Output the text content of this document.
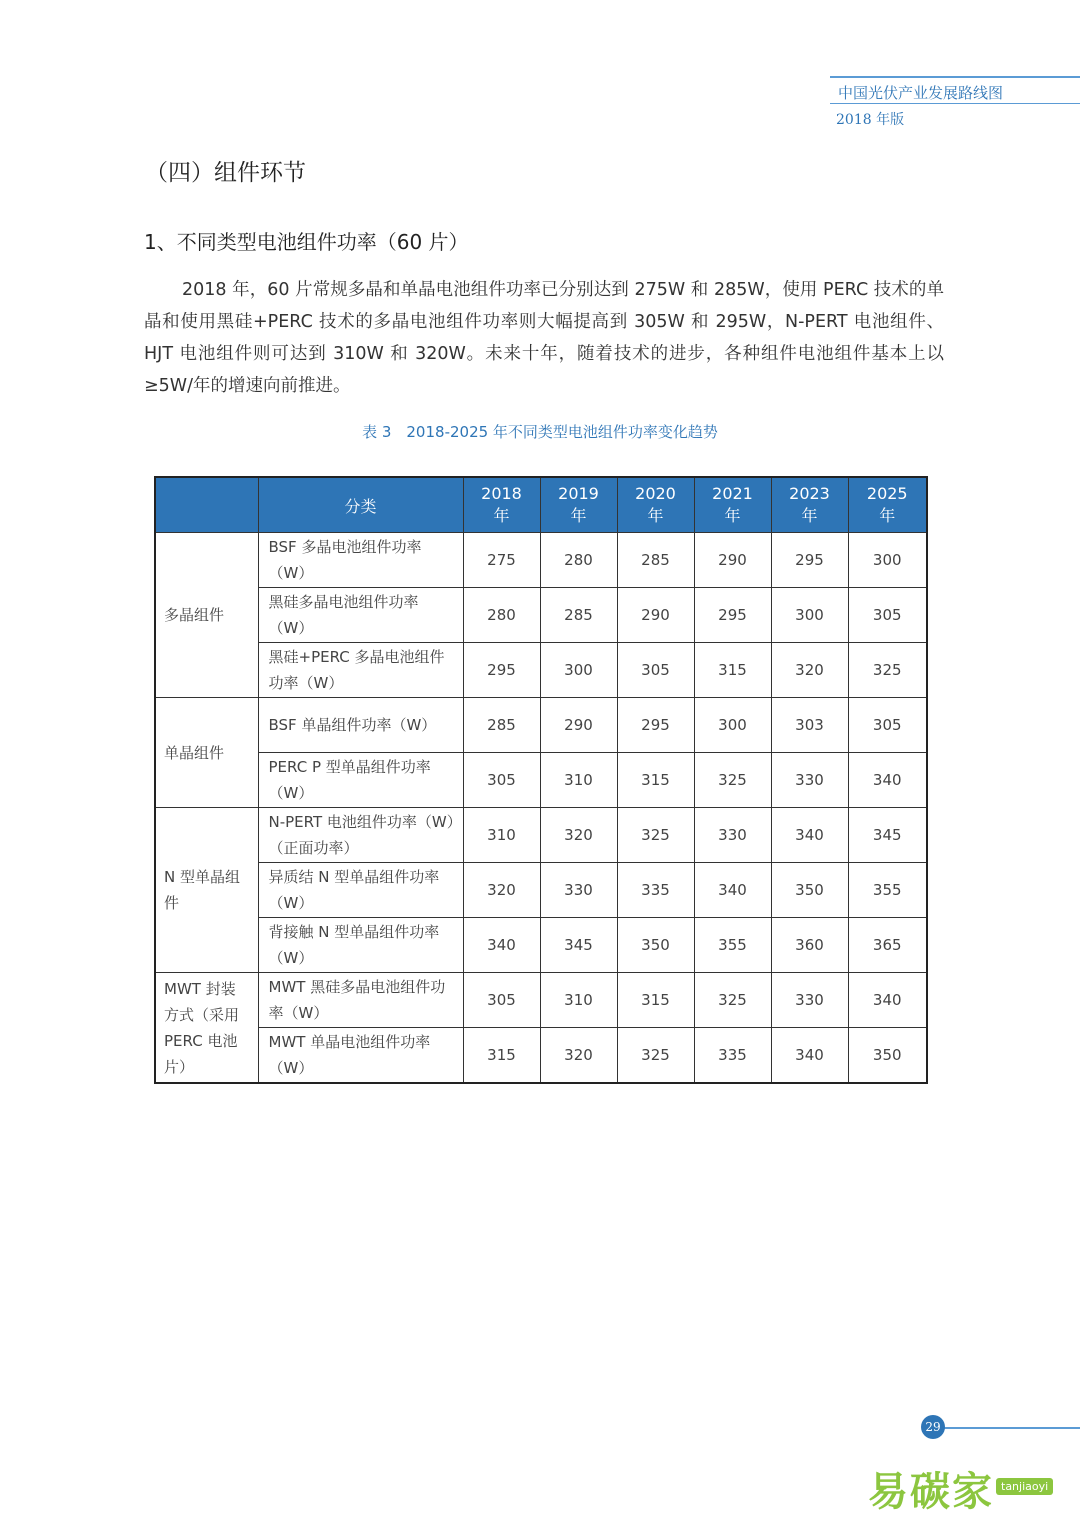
中国光伏产业发展路线图
2018 年版
（四）组件环节
1、不同类型电池组件功率（60 片）
2018 年，60 片常规多晶和单晶电池组件功率已分别达到 275W 和 285W，使用 PERC 技术的单晶和使用黑硅+PERC 技术的多晶电池组件功率则大幅提高到 305W 和 295W，N-PERT 电池组件、HJT 电池组件则可达到 310W 和 320W。未来十年，随着技术的进步，各种组件电池组件基本上以≥5W/年的增速向前推进。
表 3　2018-2025 年不同类型电池组件功率变化趋势
	分类	2018 年	2019 年	2020 年	2021 年	2023 年	2025 年
多晶组件	BSF 多晶电池组件功率（W）	275	280	285	290	295	300
	黑硅多晶电池组件功率（W）	280	285	290	295	300	305
	黑硅+PERC 多晶电池组件功率（W）	295	300	305	315	320	325
单晶组件	BSF 单晶组件功率（W）	285	290	295	300	303	305
	PERC P 型单晶组件功率（W）	305	310	315	325	330	340
N 型单晶组件	N-PERT 电池组件功率（W）（正面功率）	310	320	325	330	340	345
	异质结 N 型单晶组件功率（W）	320	330	335	340	350	355
	背接触 N 型单晶组件功率（W）	340	345	350	355	360	365
MWT 封装方式（采用 PERC 电池片）	MWT 黑硅多晶电池组件功率（W）	305	310	315	325	330	340
	MWT 单晶电池组件功率（W）	315	320	325	335	340	350
29
易碳家 tanjiaoyi
